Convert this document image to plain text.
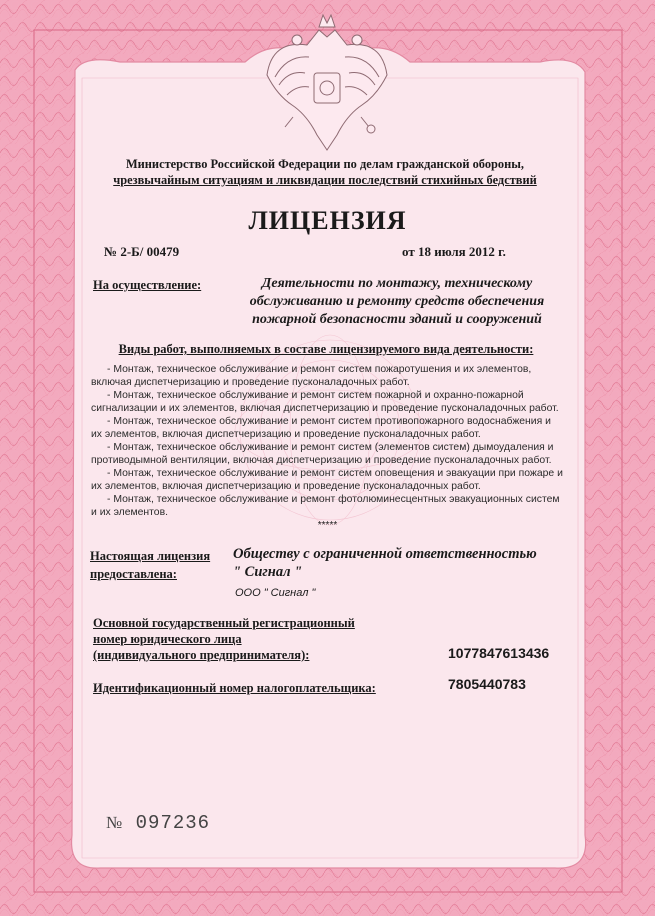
Министерство Российской Федерации по делам гражданской обороны,
чрезвычайным ситуациям и ликвидации последствий стихийных бедствий
ЛИЦЕНЗИЯ
№ 2-Б/ 00479	от 18 июля 2012 г.
На осуществление:	Деятельности по монтажу, техническому
обслуживанию и ремонту средств обеспечения
пожарной безопасности зданий и сооружений
Виды работ, выполняемых в составе лицензируемого вида деятельности:
- Монтаж, техническое обслуживание и ремонт систем пожаротушения и их элементов,
включая диспетчеризацию и проведение пусконаладочных работ.
- Монтаж, техническое обслуживание и ремонт систем пожарной и охранно-пожарной
сигнализации и их элементов, включая диспетчеризацию и проведение пусконаладочных работ.
- Монтаж, техническое обслуживание и ремонт систем противопожарного водоснабжения и
их элементов, включая диспетчеризацию и проведение пусконаладочных работ.
- Монтаж, техническое обслуживание и ремонт систем (элементов систем) дымоудаления и
противодымной вентиляции, включая диспетчеризацию и проведение пусконаладочных работ.
- Монтаж, техническое обслуживание и ремонт систем оповещения и эвакуации при пожаре и
их элементов, включая диспетчеризацию и проведение пусконаладочных работ.
- Монтаж, техническое обслуживание и ремонт фотолюминесцентных эвакуационных систем
и их элементов.
*****
Настоящая лицензия
предоставлена:
Обществу с ограниченной ответственностью
" Сигнал "
ООО " Сигнал "
Основной государственный регистрационный
номер юридического лица
(индивидуального предпринимателя):	1077847613436
Идентификационный номер налогоплательщика:	7805440783
№ 097236
